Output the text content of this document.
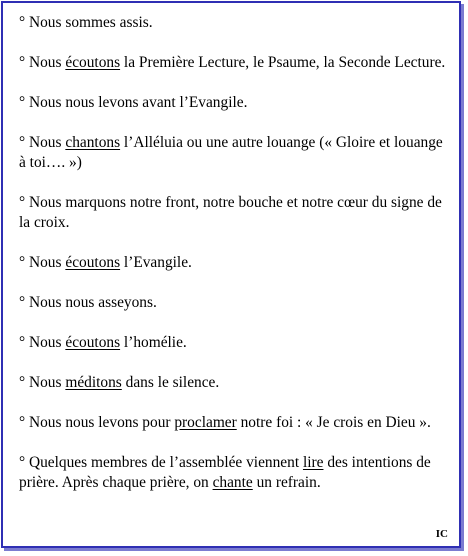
° Nous sommes assis.

° Nous écoutons la Première Lecture, le Psaume, la Seconde Lecture.

° Nous nous levons avant l’Evangile.

° Nous chantons l’Alléluia ou une autre louange (« Gloire et louange à toi…. »)

° Nous marquons notre front, notre bouche et notre cœur du signe de la croix.

° Nous écoutons l’Evangile.

° Nous nous asseyons.

° Nous écoutons l’homélie.

° Nous méditons dans le silence.

° Nous nous levons pour proclamer notre foi : « Je crois en Dieu ».

° Quelques membres de l’assemblée viennent lire des intentions de prière. Après chaque prière, on chante un refrain.

IC
